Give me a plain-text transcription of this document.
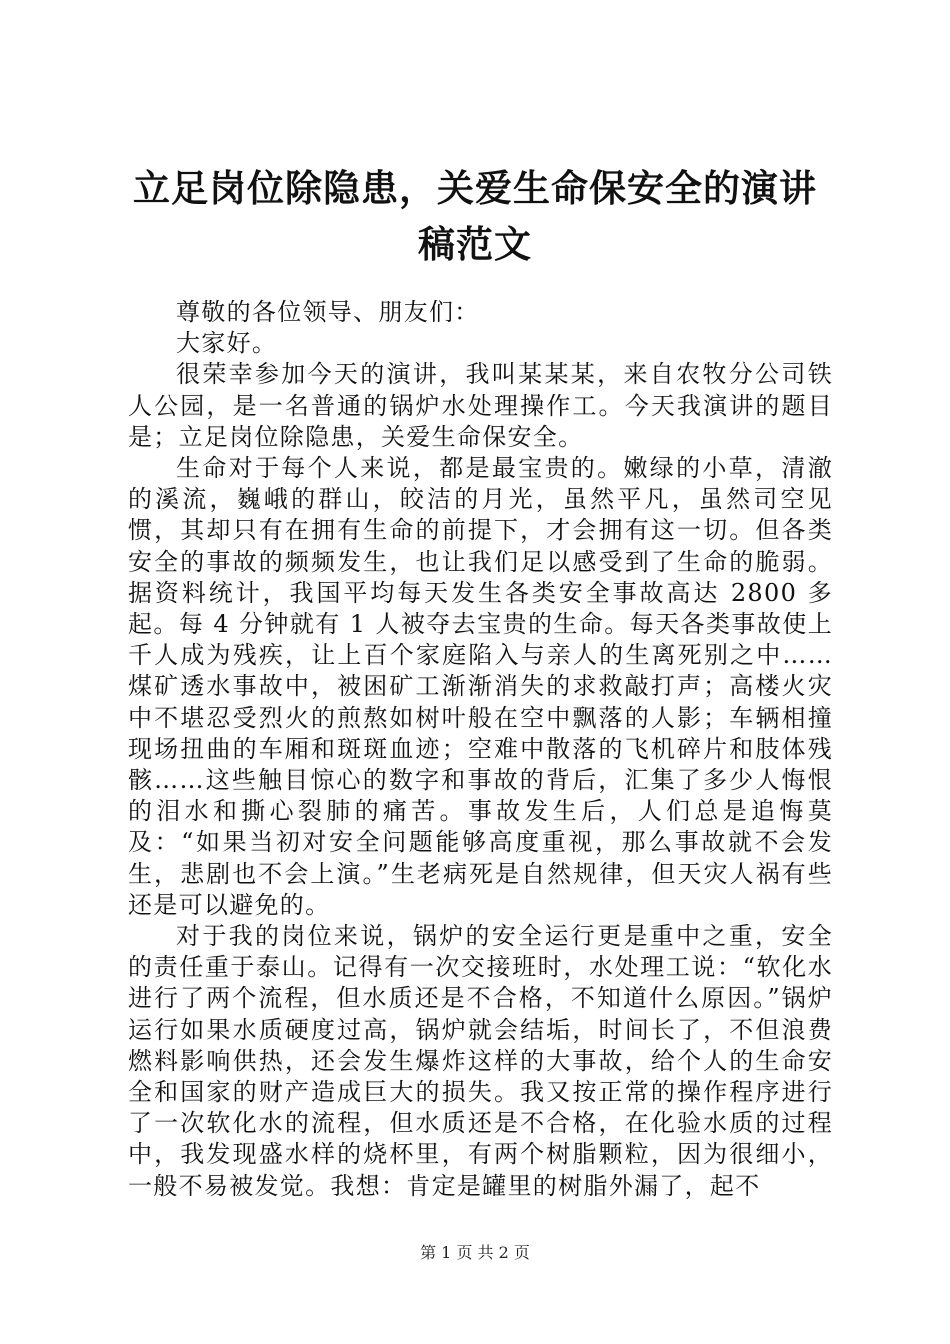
立足岗位除隐患，关爱生命保安全的演讲稿范文

尊敬的各位领导、朋友们：

大家好。

很荣幸参加今天的演讲，我叫某某某，来自农牧分公司铁人公园，是一名普通的锅炉水处理操作工。今天我演讲的题目是；立足岗位除隐患，关爱生命保安全。

生命对于每个人来说，都是最宝贵的。嫩绿的小草，清澈的溪流，巍峨的群山，皎洁的月光，虽然平凡，虽然司空见惯，其却只有在拥有生命的前提下，才会拥有这一切。但各类安全的事故的频频发生，也让我们足以感受到了生命的脆弱。据资料统计，我国平均每天发生各类安全事故高达 2800 多起。每 4 分钟就有 1 人被夺去宝贵的生命。每天各类事故使上千人成为残疾，让上百个家庭陷入与亲人的生离死别之中……煤矿透水事故中，被困矿工渐渐消失的求救敲打声；高楼火灾中不堪忍受烈火的煎熬如树叶般在空中飘落的人影；车辆相撞现场扭曲的车厢和斑斑血迹；空难中散落的飞机碎片和肢体残骸……这些触目惊心的数字和事故的背后，汇集了多少人悔恨的泪水和撕心裂肺的痛苦。事故发生后，人们总是追悔莫及：“如果当初对安全问题能够高度重视，那么事故就不会发生，悲剧也不会上演。”生老病死是自然规律，但天灾人祸有些还是可以避免的。

对于我的岗位来说，锅炉的安全运行更是重中之重，安全的责任重于泰山。记得有一次交接班时，水处理工说：“软化水进行了两个流程，但水质还是不合格，不知道什么原因。”锅炉运行如果水质硬度过高，锅炉就会结垢，时间长了，不但浪费燃料影响供热，还会发生爆炸这样的大事故，给个人的生命安全和国家的财产造成巨大的损失。我又按正常的操作程序进行了一次软化水的流程，但水质还是不合格，在化验水质的过程中，我发现盛水样的烧杯里，有两个树脂颗粒，因为很细小，一般不易被发觉。我想：肯定是罐里的树脂外漏了，起不

第 1 页 共 2 页
